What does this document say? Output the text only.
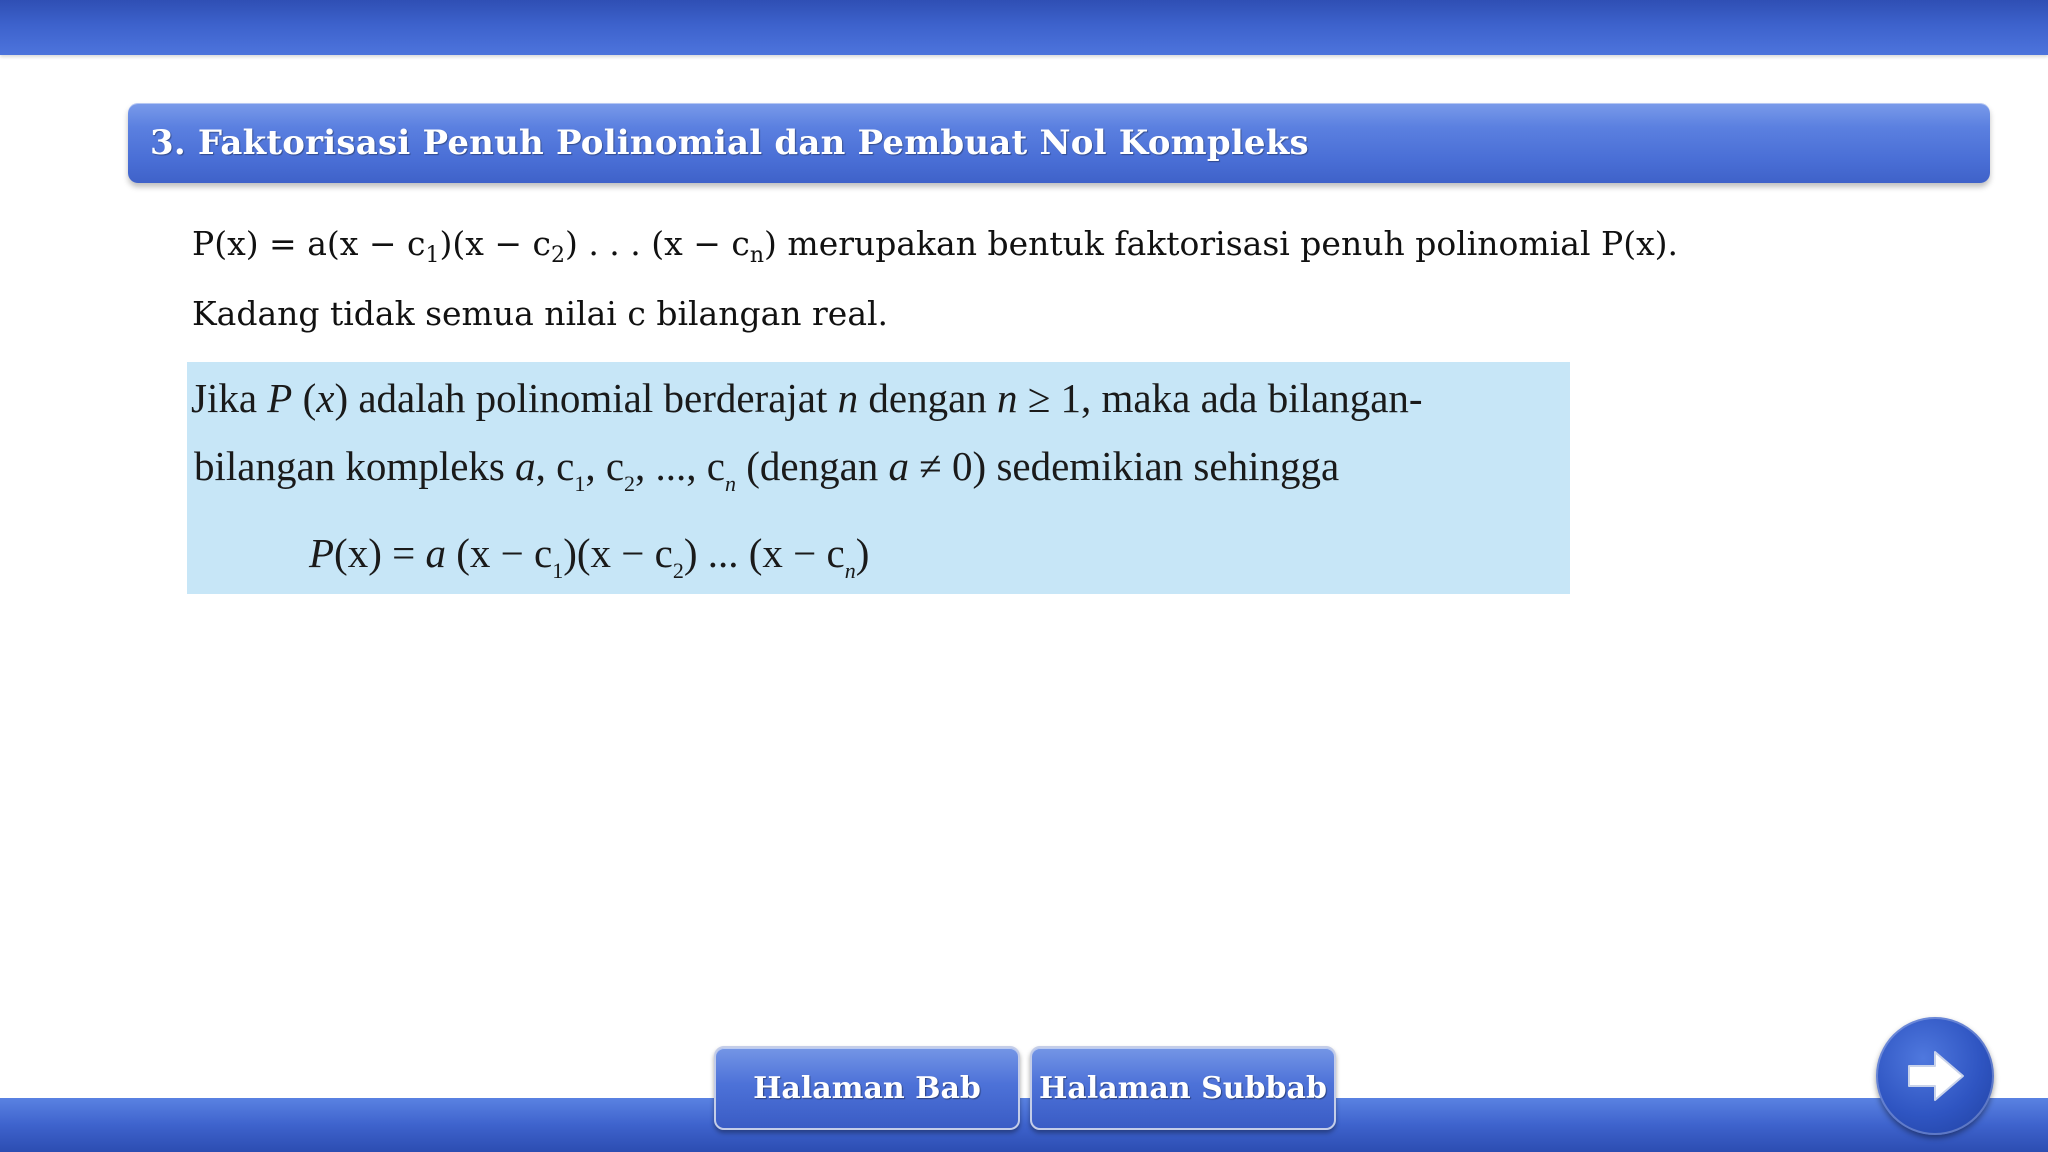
3. Faktorisasi Penuh Polinomial dan Pembuat Nol Kompleks
$P(x) = a(x - c_1)(x - c_2)$ . . . $(x - c_n)$ merupakan bentuk faktorisasi penuh polinomial P(x).
Kadang tidak semua nilai c bilangan real.
Jika P (x) adalah polinomial berderajat n dengan n ≥ 1, maka ada bilangan-
bilangan kompleks a, $c_1$, $c_2$, ..., $c_n$ (dengan a ≠ 0) sedemikian sehingga
P(x) = a $(x - c_1)(x - c_2)$ ... $(x - c_n)$
Halaman Bab Halaman Subbab
